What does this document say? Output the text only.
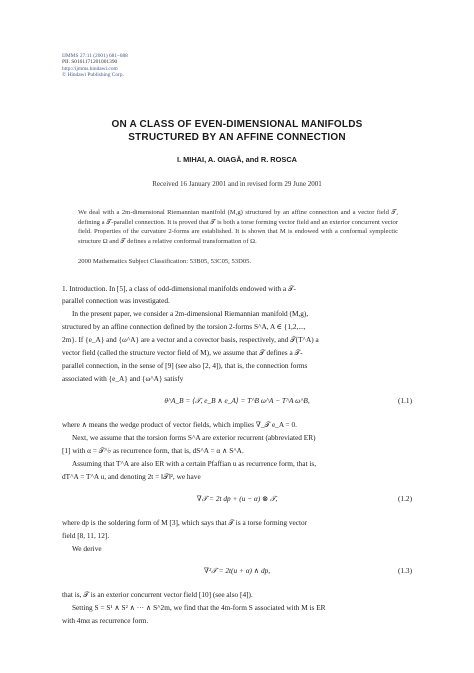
IJMMS 27:11 (2001) 681–688
PII. S0161171201001390
http://ijmms.hindawi.com
© Hindawi Publishing Corp.
ON A CLASS OF EVEN-DIMENSIONAL MANIFOLDS
STRUCTURED BY AN AFFINE CONNECTION
I. MIHAI, A. OIAGĂ, and R. ROSCA
Received 16 January 2001 and in revised form 29 June 2001
We deal with a 2m-dimensional Riemannian manifold (M,g) structured by an affine connection and a vector field 𝒯, defining a 𝒯-parallel connection. It is proved that 𝒯 is both a torse forming vector field and an exterior concurrent vector field. Properties of the curvature 2-forms are established. It is shown that M is endowed with a conformal symplectic structure Ω and 𝒯 defines a relative conformal transformation of Ω.
2000 Mathematics Subject Classification: 53B05, 53C05, 53D05.
1. Introduction. In [5], a class of odd-dimensional manifolds endowed with a 𝒯-
parallel connection was investigated.
In the present paper, we consider a 2m-dimensional Riemannian manifold (M,g),
structured by an affine connection defined by the torsion 2-forms S^A, A ∈ {1,2,...,
2m}. If {e_A} and {ω^A} are a vector and a covector basis, respectively, and 𝒯(T^A) a
vector field (called the structure vector field of M), we assume that 𝒯 defines a 𝒯-
parallel connection, in the sense of [9] (see also [2, 4]), that is, the connection forms
associated with {e_A} and {ω^A} satisfy
θ^A_B = ⟨𝒯, e_B ∧ e_A⟩ = T^B ω^A − T^A ω^B,	(1.1)
where ∧ means the wedge product of vector fields, which implies ∇_𝒯 e_A = 0.
Next, we assume that the torsion forms S^A are exterior recurrent (abbreviated ER)
[1] with α = 𝒯^♭ as recurrence form, that is, dS^A = α ∧ S^A.
Assuming that T^A are also ER with a certain Pfaffian u as recurrence form, that is,
dT^A = T^A u, and denoting 2t = ‖𝒯‖², we have
∇𝒯 = 2t dp + (u − α) ⊗ 𝒯,	(1.2)
where dp is the soldering form of M [3], which says that 𝒯 is a torse forming vector
field [8, 11, 12].
We derive
∇²𝒯 = 2t(u + α) ∧ dp,	(1.3)
that is, 𝒯 is an exterior concurrent vector field [10] (see also [4]).
Setting S = S¹ ∧ S² ∧ ··· ∧ S^2m, we find that the 4m-form S associated with M is ER
with 4mα as recurrence form.
